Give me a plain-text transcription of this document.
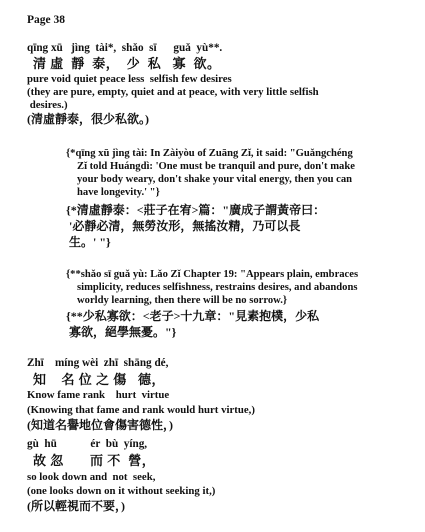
Page 38
qīng xū   jìng  tài*,  shǎo  sī      guǎ  yù**.
清 虛  靜  泰，  少  私   寡  欲。
pure void quiet peace less  selfish few desires
(they are pure, empty, quiet and at peace, with very little selfish
desires.)
(清虛靜泰，很少私欲。)
{*qīng xū jìng tài: In Zàiyòu of Zuāng Zǐ, it said: "Guǎngchéng
Zǐ told Huángdì: 'One must be tranquil and pure, don't make
your body weary, don't shake your vital energy, then you can
have longevity.' "}
{*清虛靜泰：<莊子在宥>篇："廣成子謂黃帝曰：
'必靜必清，無勞汝形，無搖汝精，乃可以長
生。' "}
{**shǎo sī guǎ yù: Lǎo Zǐ Chapter 19: "Appears plain, embraces
simplicity, reduces selfishness, restrains desires, and abandons
worldy learning, then there will be no sorrow.}
{**少私寡欲：<老子>十九章："見素抱樸，少私
寡欲，絕學無憂。"}
Zhī    míng wèi  zhī  shāng dé,
知    名 位 之 傷   德，
Know fame rank    hurt  virtue
(Knowing that fame and rank would hurt virtue,)
(知道名譽地位會傷害德性，)
gù  hū            ér  bù  yíng,
故 忽       而 不  營，
so look down and  not  seek,
(one looks down on it without seeking it,)
(所以輕視而不要，)
